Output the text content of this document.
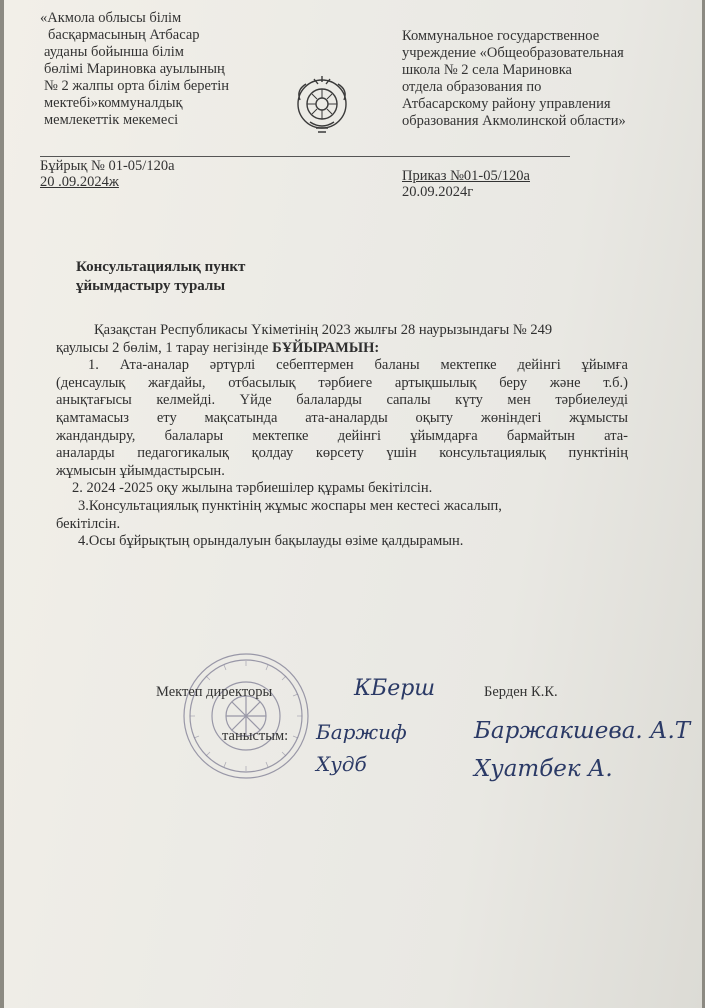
«Акмола облысы білім
басқармасының Атбасар
ауданы бойынша білім
бөлімі Мариновка ауылының
№ 2 жалпы орта білім беретін
мектебі»коммуналдық
мемлекеттік мекемесі
Коммунальное государственное
учреждение «Общеобразовательная
школа № 2 села Мариновка
отдела образования по
Атбасарскому району управления
образования Акмолинской области»
Бұйрық № 01-05/120а
20 .09.2024ж	Приказ №01-05/120а
20.09.2024г
Консультациялық пункт
ұйымдастыру туралы
Қазақстан Республикасы Үкіметінің 2023 жылғы 28 наурызындағы № 249
қаулысы 2 бөлім, 1 тарау негізінде БҰЙЫРАМЫН:
1. Ата-аналар әртүрлі себептермен баланы мектепке дейінгі ұйымға
(денсаулық жағдайы, отбасылық тәрбиеге артықшылық беру және т.б.)
анықтағысы келмейді. Үйде балаларды сапалы күту мен тәрбиелеуді
қамтамасыз ету мақсатында ата-аналарды оқыту жөніндегі жұмысты
жандандыру, балалары мектепке дейінгі ұйымдарға бармайтын ата-
аналарды педагогикалық қолдау көрсету үшін консультациялық пунктінің
жұмысын ұйымдастырсын.
2. 2024 -2025 оқу жылына тәрбиешілер құрамы бекітілсін.
3.Консультациялық пунктінің жұмыс жоспары мен кестесі жасалып,
бекітілсін.
4.Осы бұйрықтың орындалуын бақылауды өзіме қалдырамын.
Мектеп директоры	КБерш	Берден К.К.
таныстым: Баржиф
Худб
Баржакшева. А.Т
Хуатбек А.
